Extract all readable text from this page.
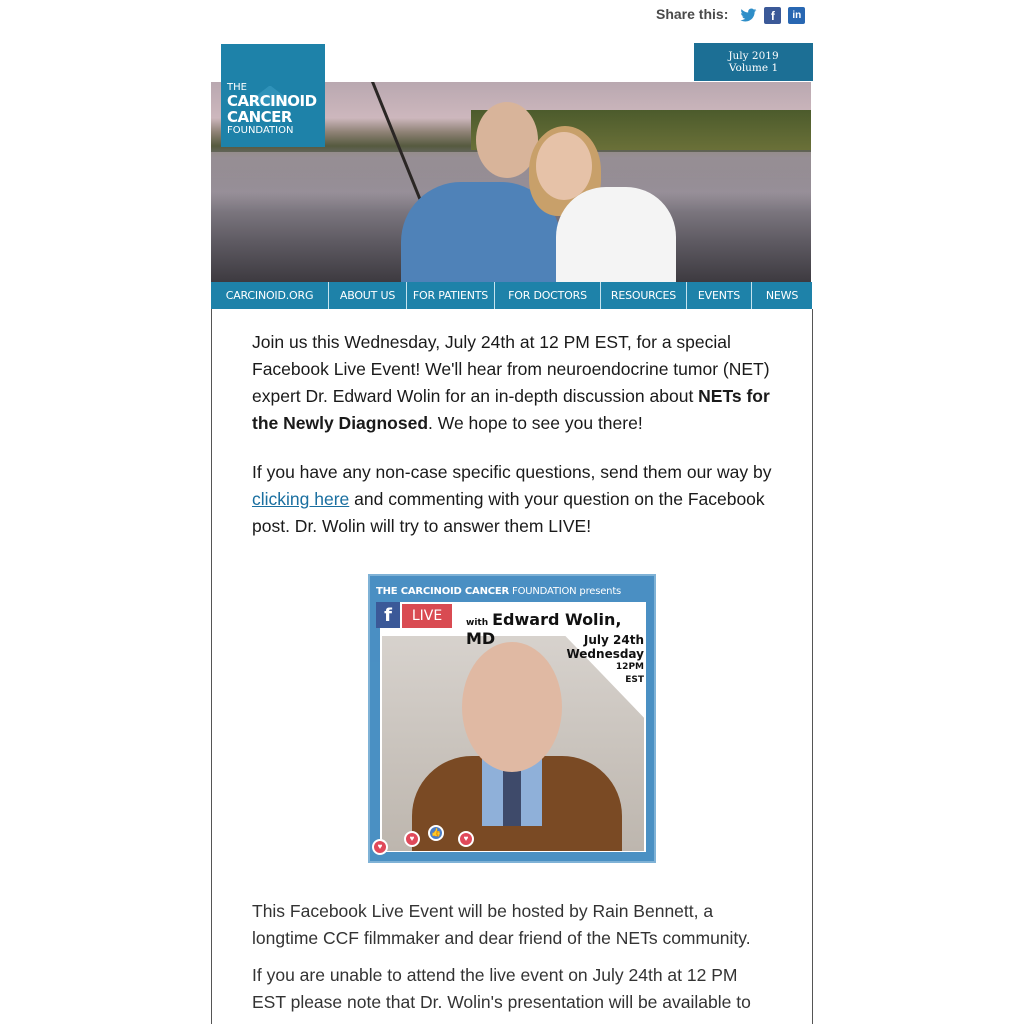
Share this:	f	in
July 2019
Volume 1
THE
CARCINOID
CANCER
FOUNDATION
CARCINOID.ORG	ABOUT US	FOR PATIENTS	FOR DOCTORS	RESOURCES	EVENTS	NEWS

Join us this Wednesday, July 24th at 12 PM EST, for a special Facebook Live Event! We'll hear from neuroendocrine tumor (NET) expert Dr. Edward Wolin for an in-depth discussion about NETs for the Newly Diagnosed. We hope to see you there!

If you have any non-case specific questions, send them our way by clicking here and commenting with your question on the Facebook post. Dr. Wolin will try to answer them LIVE!

THE CARCINOID CANCER FOUNDATION presents
f	LIVE	with Edward Wolin, MD	July 24th
Wednesday
12PM
EST
♥
♥
👍
♥

This Facebook Live Event will be hosted by Rain Bennett, a longtime CCF filmmaker and dear friend of the NETs community.

If you are unable to attend the live event on July 24th at 12 PM EST please note that Dr. Wolin's presentation will be available to
